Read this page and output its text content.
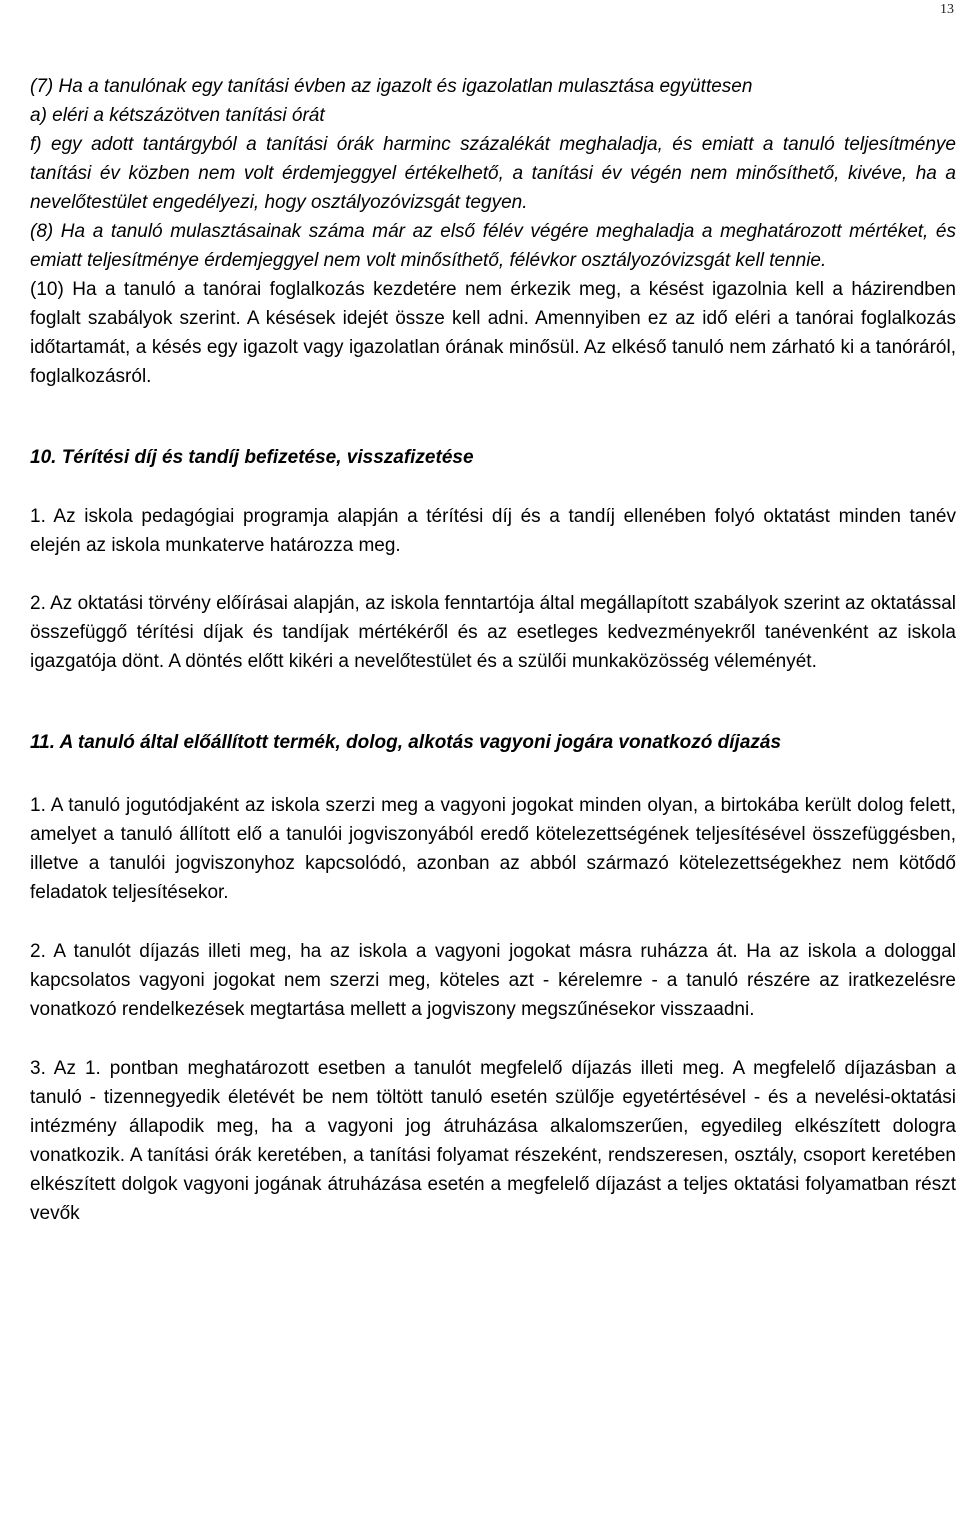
13

(7) Ha a tanulónak egy tanítási évben az igazolt és igazolatlan mulasztása együttesen

a) eléri a kétszázötven tanítási órát

f) egy adott tantárgyból a tanítási órák harminc százalékát meghaladja, és emiatt a tanuló teljesítménye tanítási év közben nem volt érdemjeggyel értékelhető, a tanítási év végén nem minősíthető, kivéve, ha a nevelőtestület engedélyezi, hogy osztályozóvizsgát tegyen.

(8) Ha a tanuló mulasztásainak száma már az első félév végére meghaladja a meghatározott mértéket, és emiatt teljesítménye érdemjeggyel nem volt minősíthető, félévkor osztályozóvizsgát kell tennie.

(10) Ha a tanuló a tanórai foglalkozás kezdetére nem érkezik meg, a késést igazolnia kell a házirendben foglalt szabályok szerint. A késések idejét össze kell adni. Amennyiben ez az idő eléri a tanórai foglalkozás időtartamát, a késés egy igazolt vagy igazolatlan órának minősül. Az elkéső tanuló nem zárható ki a tanóráról, foglalkozásról.

10. Térítési díj és tandíj befizetése, visszafizetése

1. Az iskola pedagógiai programja alapján a térítési díj és a tandíj ellenében folyó oktatást minden tanév elején az iskola munkaterve határozza meg.

2. Az oktatási törvény előírásai alapján, az iskola fenntartója által megállapított szabályok szerint az oktatással összefüggő térítési díjak és tandíjak mértékéről és az esetleges kedvezményekről tanévenként az iskola igazgatója dönt. A döntés előtt kikéri a nevelőtestület és a szülői munkaközösség véleményét.

11. A tanuló által előállított termék, dolog, alkotás vagyoni jogára vonatkozó díjazás

1. A tanuló jogutódjaként az iskola szerzi meg a vagyoni jogokat minden olyan, a birtokába került dolog felett, amelyet a tanuló állított elő a tanulói jogviszonyából eredő kötelezettségének teljesítésével összefüggésben, illetve a tanulói jogviszonyhoz kapcsolódó, azonban az abból származó kötelezettségekhez nem kötődő feladatok teljesítésekor.

2. A tanulót díjazás illeti meg, ha az iskola a vagyoni jogokat másra ruházza át. Ha az iskola a dologgal kapcsolatos vagyoni jogokat nem szerzi meg, köteles azt - kérelemre - a tanuló részére az iratkezelésre vonatkozó rendelkezések megtartása mellett a jogviszony megszűnésekor visszaadni.

3. Az 1. pontban meghatározott esetben a tanulót megfelelő díjazás illeti meg. A megfelelő díjazásban a tanuló - tizennegyedik életévét be nem töltött tanuló esetén szülője egyetértésével - és a nevelési-oktatási intézmény állapodik meg, ha a vagyoni jog átruházása alkalomszerűen, egyedileg elkészített dologra vonatkozik. A tanítási órák keretében, a tanítási folyamat részeként, rendszeresen, osztály, csoport keretében elkészített dolgok vagyoni jogának átruházása esetén a megfelelő díjazást a teljes oktatási folyamatban részt vevők
